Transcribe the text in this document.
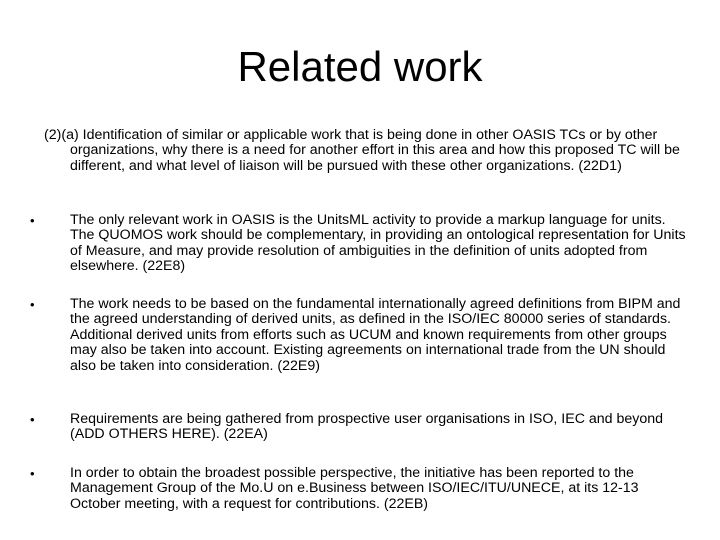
Related work
(2)(a) Identification of similar or applicable work that is being done in other OASIS TCs or by other organizations, why there is a need for another effort in this area and how this proposed TC will be different, and what level of liaison will be pursued with these other organizations. (22D1)
•	The only relevant work in OASIS is the UnitsML activity to provide a markup language for units. The QUOMOS work should be complementary, in providing an ontological representation for Units of Measure, and may provide resolution of ambiguities in the definition of units adopted from elsewhere. (22E8)
•	The work needs to be based on the fundamental internationally agreed definitions from BIPM and the agreed understanding of derived units, as defined in the ISO/IEC 80000 series of standards. Additional derived units from efforts such as UCUM and known requirements from other groups may also be taken into account. Existing agreements on international trade from the UN should also be taken into consideration. (22E9)
•	Requirements are being gathered from prospective user organisations in ISO, IEC and beyond (ADD OTHERS HERE). (22EA)
•	In order to obtain the broadest possible perspective, the initiative has been reported to the Management Group of the Mo.U on e.Business between ISO/IEC/ITU/UNECE, at its 12-13 October meeting, with a request for contributions. (22EB)
